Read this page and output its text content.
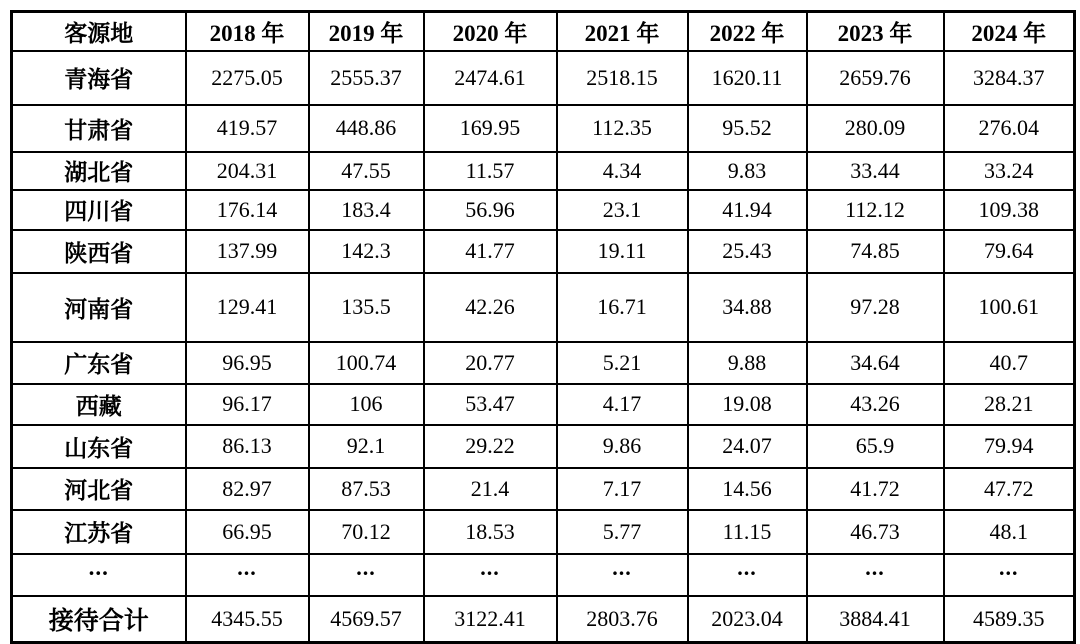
客源地	2018 年	2019 年	2020 年	2021 年	2022 年	2023 年	2024 年
青海省	2275.05	2555.37	2474.61	2518.15	1620.11	2659.76	3284.37
甘肃省	419.57	448.86	169.95	112.35	95.52	280.09	276.04
湖北省	204.31	47.55	11.57	4.34	9.83	33.44	33.24
四川省	176.14	183.4	56.96	23.1	41.94	112.12	109.38
陕西省	137.99	142.3	41.77	19.11	25.43	74.85	79.64
河南省	129.41	135.5	42.26	16.71	34.88	97.28	100.61
广东省	96.95	100.74	20.77	5.21	9.88	34.64	40.7
西藏	96.17	106	53.47	4.17	19.08	43.26	28.21
山东省	86.13	92.1	29.22	9.86	24.07	65.9	79.94
河北省	82.97	87.53	21.4	7.17	14.56	41.72	47.72
江苏省	66.95	70.12	18.53	5.77	11.15	46.73	48.1
...	...	...	...	...	...	...	...
接待合计	4345.55	4569.57	3122.41	2803.76	2023.04	3884.41	4589.35
